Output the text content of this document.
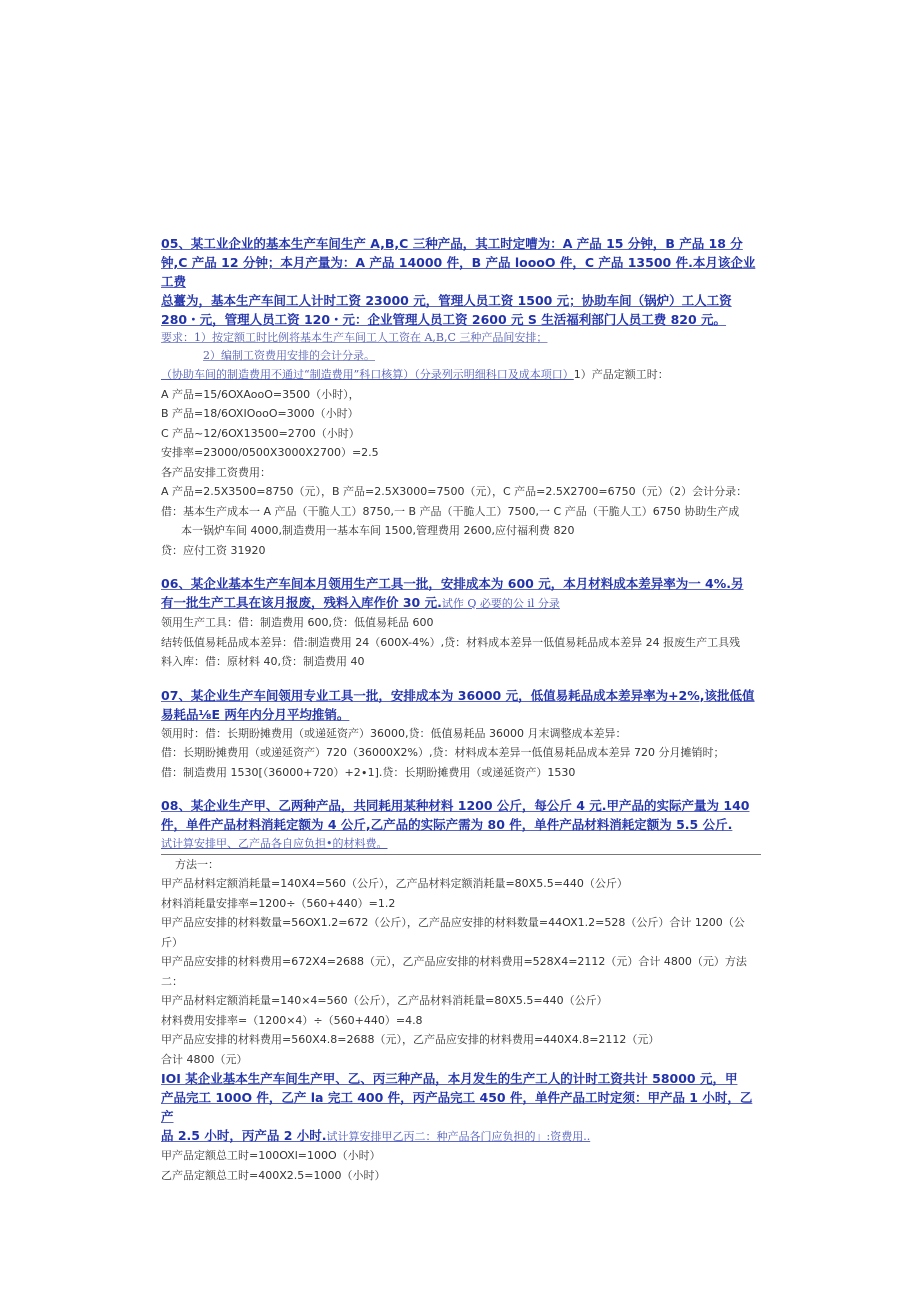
05、某工业企业的基本生产车间生产 A,B,C 三种产品，其工时定嘈为：A 产品 15 分钟，B 产品 18 分

钟,C 产品 12 分钟；本月产量为：A 产品 14000 件，B 产品 loooO 件，C 产品 13500 件.本月该企业工费

总薹为，基本生产车间工人计时工资 23000 元，管理人员工资 1500 元；协助车间（锅炉）工人工资

280・元，管理人员工资 120・元：企业管理人员工资 2600 元 S 生活福利部门人员工费 820 元。

要求：1）按定额工时比例将基本生产车间工人工资在 A,B,C 三种产品间安排；

2）编制工资费用安排的会计分录。

（协助车间的制造费用不通过“制造费用”科口核算）（分录列示明细科口及成本项口）1）产品定额工时：

A 产品=15/6OXAooO=3500（小时），

B 产品=18/6OXIOooO=3000（小时）

C 产品~12/6OX13500=2700（小时）

安排率=23000/0500X3000X2700）=2.5

各产品安排工资费用：

A 产品=2.5X3500=8750（元），B 产品=2.5X3000=7500（元），C 产品=2.5X2700=6750（元）（2）会计分录：

借：基本生产成本一 A 产品（干脆人工）8750,一 B 产品（干脆人工）7500,一 C 产品（干脆人工）6750 协助生产成

本一锅炉车间 4000,制造费用一基本车间 1500,管理费用 2600,应付福利费 820

贷：应付工资 31920

06、某企业基本生产车间本月领用生产工具一批，安排成本为 600 元，本月材料成本差异率为一 4%.另

有一批生产工具在该月报废，残料入库作价 30 元.试作 Q 必要的公 il 分录

领用生产工具：借：制造费用 600,贷：低值易耗品 600

结转低值易耗品成本差异：借:制造费用 24（600X-4%）,贷：材料成本差异一低值易耗品成本差异 24 报废生产工具残

料入库：借：原材料 40,贷：制造费用 40

07、某企业生产车间领用专业工具一批，安排成本为 36000 元，低值易耗品成本差异率为+2%,该批低值

易耗品⅛E 两年内分月平均推销。

领用时：借：长期盼摊费用（或递延资产）36000,贷：低值易耗品 36000 月末调整成本差异：

借：长期盼摊费用（或递延资产）720（36000X2%）,贷：材料成本差异一低值易耗品成本差异 720 分月摊销时；

借：制造费用 1530[（36000+720）+2∙1].贷：长期盼摊费用（或递延资产）1530

08、某企业生产甲、乙两种产品，共同耗用某种材料 1200 公斤，每公斤 4 元.甲产品的实际产量为 140

件，单件产品材料消耗定额为 4 公斤,乙产品的实际产需为 80 件，单件产品材料消耗定额为 5.5 公斤.

试计算安排甲、乙产品各自应负担•的材料费。

方法一：

甲产品材料定额消耗量=140X4=560（公斤），乙产品材料定额消耗量=80X5.5=440（公斤）

材料消耗量安排率=1200÷（560+440）=1.2

甲产品应安排的材料数量=56OX1.2=672（公斤），乙产品应安排的材料数量=44OX1.2=528（公斤）合计 1200（公

斤）

甲产品应安排的材料费用=672X4=2688（元），乙产品应安排的材料费用=528X4=2112（元）合计 4800（元）方法

二：

甲产品材料定额消耗量=140×4=560（公斤），乙产品材料消耗量=80X5.5=440（公斤）

材料费用安排率=（1200×4）÷（560+440）=4.8

甲产品应安排的材料费用=560X4.8=2688（元），乙产品应安排的材料费用=440X4.8=2112（元）

合计 4800（元）

IOI 某企业基本生产车间生产甲、乙、丙三种产品，本月发生的生产工人的计时工资共计 58000 元，甲

产品完工 100O 件，乙产 la 完工 400 件，丙产品完工 450 件，单件产品工时定须：甲产品 1 小时，乙产

品 2.5 小时，丙产品 2 小时.试计算安排甲乙丙二：种产品各门应负担的」:资费用..

甲产品定额总工时=100OXl=100O（小时）

乙产品定额总工时=400X2.5=1000（小时）
